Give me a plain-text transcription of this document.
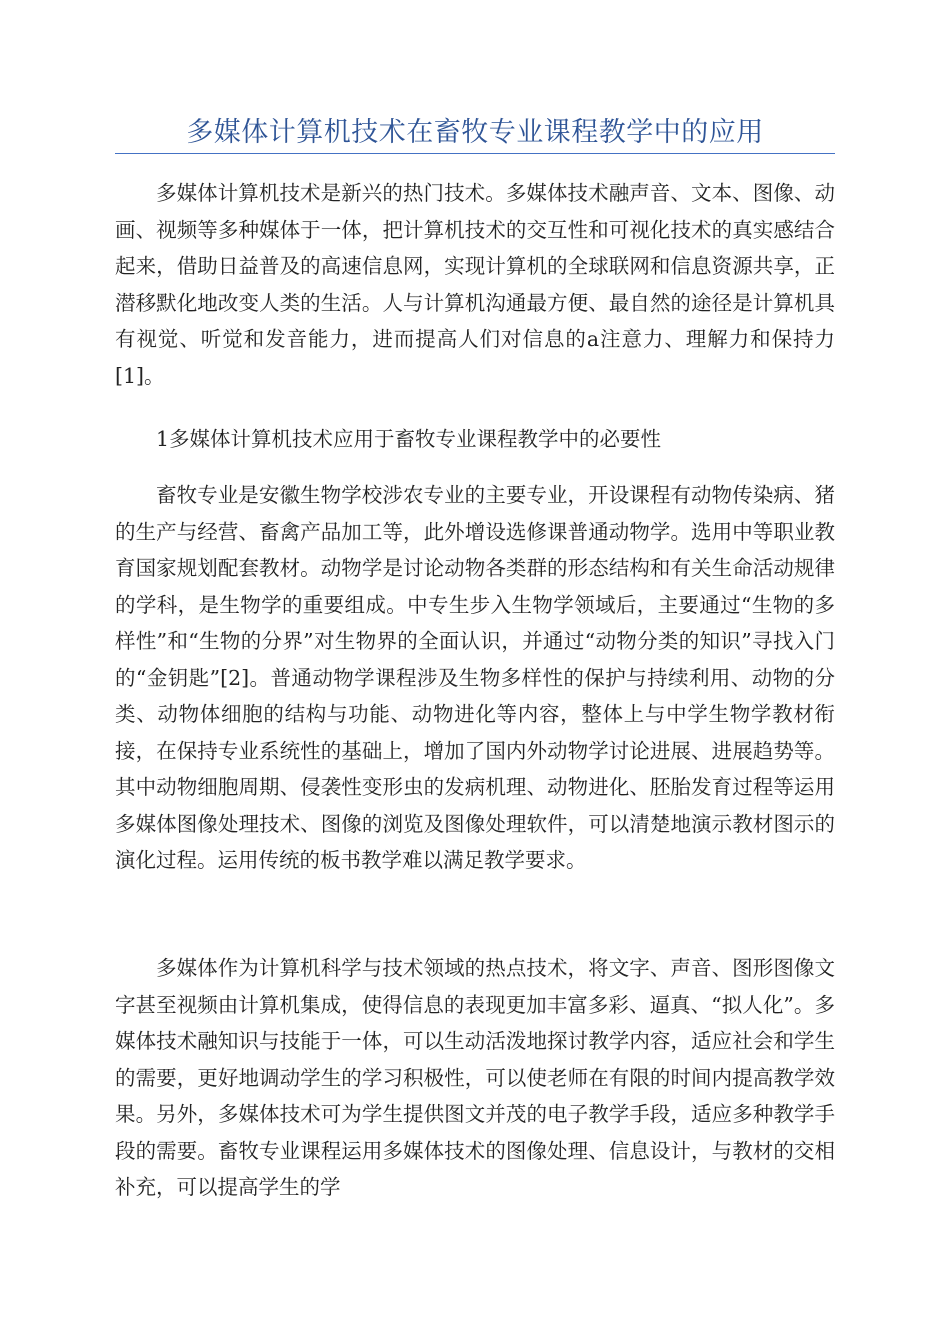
多媒体计算机技术在畜牧专业课程教学中的应用

多媒体计算机技术是新兴的热门技术。多媒体技术融声音、文本、图像、动画、视频等多种媒体于一体，把计算机技术的交互性和可视化技术的真实感结合起来，借助日益普及的高速信息网，实现计算机的全球联网和信息资源共享，正潜移默化地改变人类的生活。人与计算机沟通最方便、最自然的途径是计算机具有视觉、听觉和发音能力，进而提高人们对信息的a注意力、理解力和保持力[1]。

1多媒体计算机技术应用于畜牧专业课程教学中的必要性

畜牧专业是安徽生物学校涉农专业的主要专业，开设课程有动物传染病、猪的生产与经营、畜禽产品加工等，此外增设选修课普通动物学。选用中等职业教育国家规划配套教材。动物学是讨论动物各类群的形态结构和有关生命活动规律的学科，是生物学的重要组成。中专生步入生物学领域后，主要通过“生物的多样性”和“生物的分界”对生物界的全面认识，并通过“动物分类的知识”寻找入门的“金钥匙”[2]。普通动物学课程涉及生物多样性的保护与持续利用、动物的分类、动物体细胞的结构与功能、动物进化等内容，整体上与中学生物学教材衔接，在保持专业系统性的基础上，增加了国内外动物学讨论进展、进展趋势等。其中动物细胞周期、侵袭性变形虫的发病机理、动物进化、胚胎发育过程等运用多媒体图像处理技术、图像的浏览及图像处理软件，可以清楚地演示教材图示的演化过程。运用传统的板书教学难以满足教学要求。

多媒体作为计算机科学与技术领域的热点技术，将文字、声音、图形图像文字甚至视频由计算机集成，使得信息的表现更加丰富多彩、逼真、“拟人化”。多媒体技术融知识与技能于一体，可以生动活泼地探讨教学内容，适应社会和学生的需要，更好地调动学生的学习积极性，可以使老师在有限的时间内提高教学效果。另外，多媒体技术可为学生提供图文并茂的电子教学手段，适应多种教学手段的需要。畜牧专业课程运用多媒体技术的图像处理、信息设计，与教材的交相补充，可以提高学生的学
